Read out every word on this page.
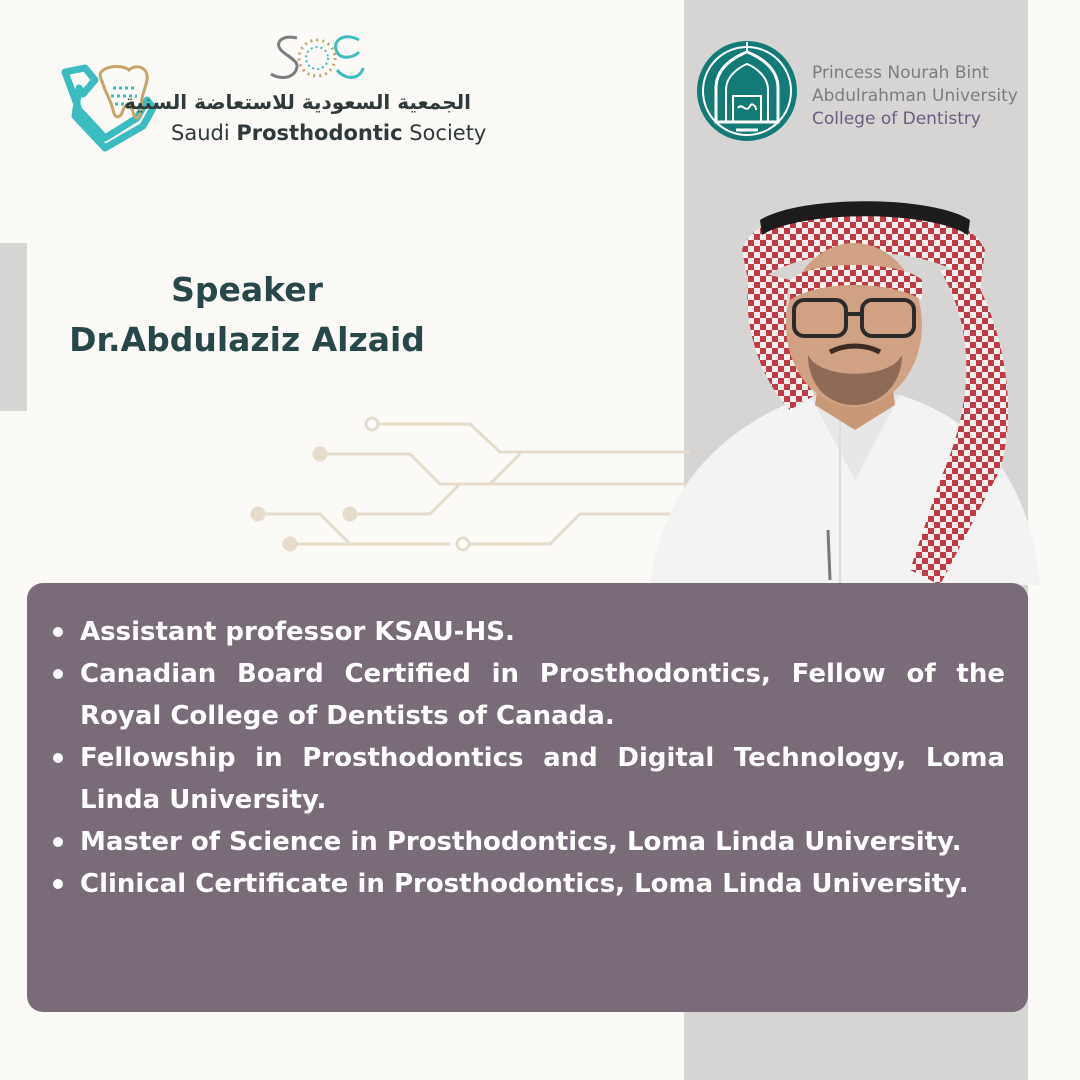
الجمعية السعودية للاستعاضة السنية
Saudi Prosthodontic Society
Princess Nourah Bint
Abdulrahman University
College of Dentistry
Speaker
Dr.Abdulaziz Alzaid
Assistant professor KSAU-HS.
Canadian Board Certified in Prosthodontics, Fellow of the Royal College of Dentists of Canada.
Fellowship in Prosthodontics and Digital Technology, Loma Linda University.
Master of Science in Prosthodontics, Loma Linda University.
Clinical Certificate in Prosthodontics, Loma Linda University.
